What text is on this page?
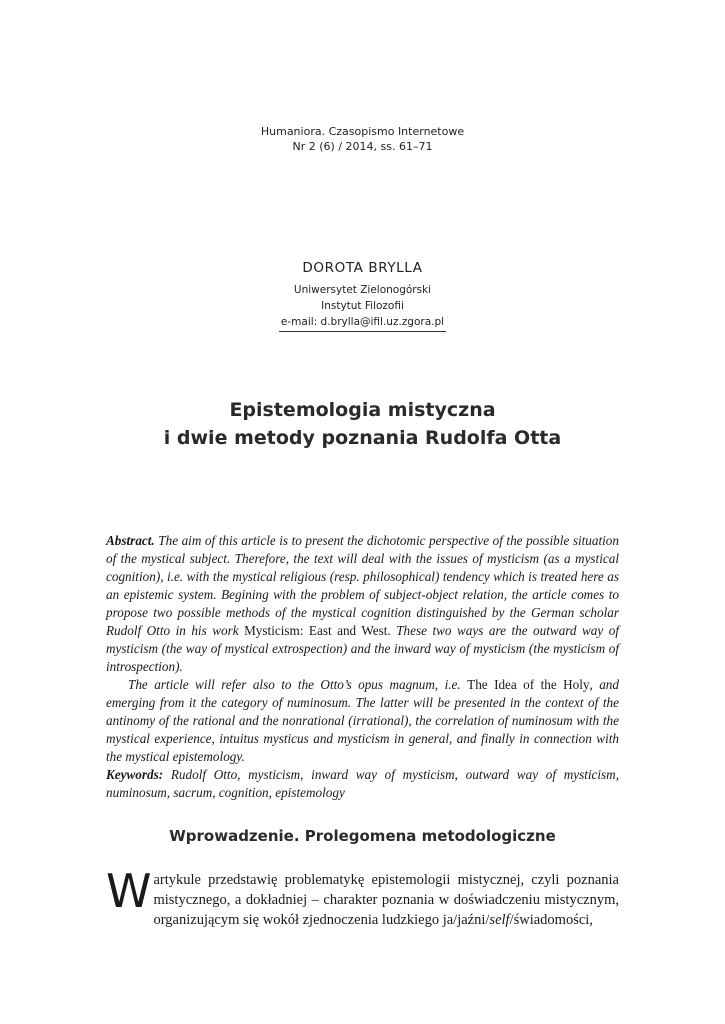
Humaniora. Czasopismo Internetowe
Nr 2 (6) / 2014, ss. 61–71
DOROTA BRYLLA
Uniwersytet Zielonogórski
Instytut Filozofii
e-mail: d.brylla@ifil.uz.zgora.pl
Epistemologia mistyczna
i dwie metody poznania Rudolfa Otta

Abstract. The aim of this article is to present the dichotomic perspective of the possible situation of the mystical subject. Therefore, the text will deal with the issues of mysticism (as a mystical cognition), i.e. with the mystical religious (resp. philosophical) tendency which is treated here as an epistemic system. Begining with the problem of subject-object relation, the article comes to propose two possible methods of the mystical cognition distinguished by the German scholar Rudolf Otto in his work Mysticism: East and West. These two ways are the outward way of mysticism (the way of mystical extrospection) and the inward way of mysticism (the mysticism of introspection).

The article will refer also to the Otto’s opus magnum, i.e. The Idea of the Holy, and emerging from it the category of numinosum. The latter will be presented in the context of the antinomy of the rational and the nonrational (irrational), the correlation of numinosum with the mystical experience, intuitus mysticus and mysticism in general, and finally in connection with the mystical epistemology.

Keywords: Rudolf Otto, mysticism, inward way of mysticism, outward way of mysticism, numinosum, sacrum, cognition, epistemology

Wprowadzenie. Prolegomena metodologiczne
Wartykule przedstawię problematykę epistemologii mistycznej, czyli poznania mistycznego, a dokładniej – charakter poznania w doświadczeniu mistycznym, organizującym się wokół zjednoczenia ludzkiego ja/jaźni/self/świadomości,
